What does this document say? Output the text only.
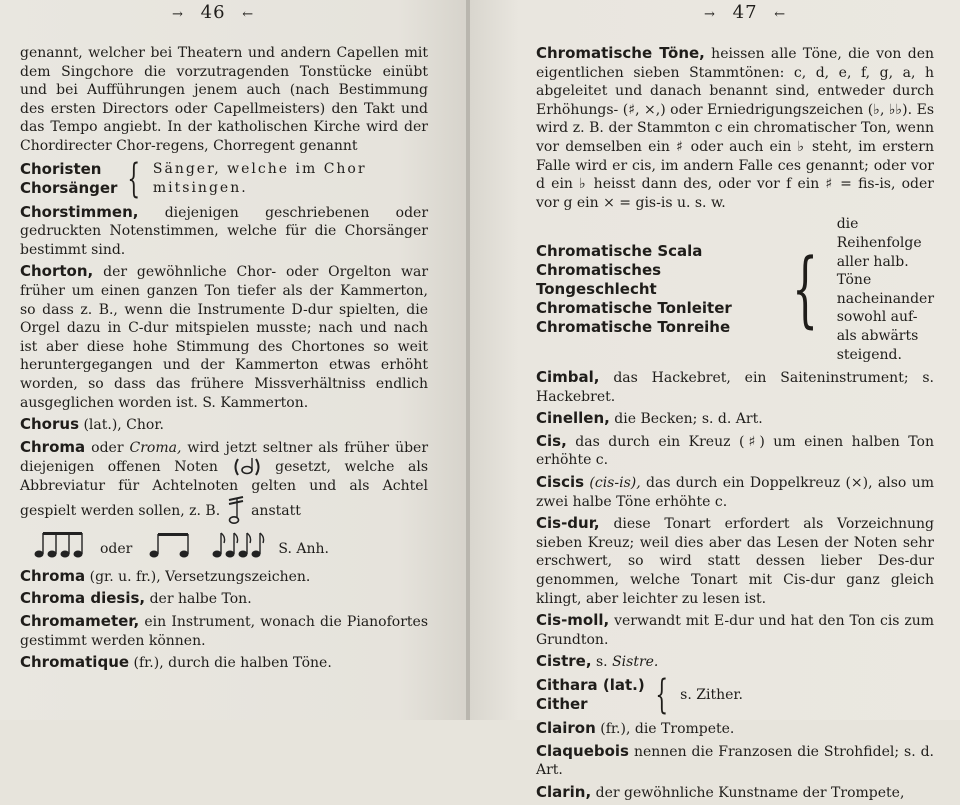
→ 46 ←

genannt, welcher bei Theatern und andern Capellen mit dem Singchore die vorzutragenden Tonstücke einübt und bei Aufführungen jenem auch (nach Bestimmung des ersten Directors oder Capellmeisters) den Takt und das Tempo angiebt. In der katholischen Kirche wird der Chordirecter Chor-regens, Chorregent genannt

Choristen
Chorsänger { Sänger, welche im Chor mitsingen.

Chorstimmen, diejenigen geschriebenen oder gedruckten Notenstimmen, welche für die Chorsänger bestimmt sind.

Chorton, der gewöhnliche Chor- oder Orgelton war früher um einen ganzen Ton tiefer als der Kammerton, so dass z. B., wenn die Instrumente D-dur spielten, die Orgel dazu in C-dur mitspielen musste; nach und nach ist aber diese hohe Stimmung des Chortones so weit heruntergegangen und der Kammerton etwas erhöht worden, so dass das frühere Missverhältniss endlich ausgeglichen worden ist. S. Kammerton.

Chorus (lat.), Chor.

Chroma oder Croma, wird jetzt seltner als früher über diejenigen offenen Noten	gesetzt, welche als Abbreviatur für Achtelnoten gelten und als Achtel gespielt werden sollen, z. B. anstatt

oder	S. Anh.

Chroma (gr. u. fr.), Versetzungszeichen.

Chroma diesis, der halbe Ton.

Chromameter, ein Instrument, wonach die Pianofortes gestimmt werden können.

Chromatique (fr.), durch die halben Töne.

→ 47 ←

Chromatische Töne, heissen alle Töne, die von den eigentlichen sieben Stammtönen: c, d, e, f, g, a, h abgeleitet und danach benannt sind, entweder durch Erhöhungs- (♯, ×,) oder Erniedrigungszeichen (♭, ♭♭). Es wird z. B. der Stammton c ein chromatischer Ton, wenn vor demselben ein ♯ oder auch ein ♭ steht, im erstern Falle wird er cis, im andern Falle ces genannt; oder vor d ein ♭ heisst dann des, oder vor f ein ♯ = fis-is, oder vor g ein × = gis-is u. s. w.

Chromatische Scala
Chromatisches Tongeschlecht
Chromatische Tonleiter
Chromatische Tonreihe {
die Reihenfolge aller halb. Töne nacheinander sowohl auf- als abwärts steigend.

Cimbal, das Hackebret, ein Saiteninstrument; s. Hackebret.

Cinellen, die Becken; s. d. Art.

Cis, das durch ein Kreuz (♯) um einen halben Ton erhöhte c.

Ciscis (cis-is), das durch ein Doppelkreuz (×), also um zwei halbe Töne erhöhte c.

Cis-dur, diese Tonart erfordert als Vorzeichnung sieben Kreuz; weil dies aber das Lesen der Noten sehr erschwert, so wird statt dessen lieber Des-dur genommen, welche Tonart mit Cis-dur ganz gleich klingt, aber leichter zu lesen ist.

Cis-moll, verwandt mit E-dur und hat den Ton cis zum Grundton.

Cistre, s. Sistre.

Cithara (lat.)
Cither	{ s. Zither.

Clairon (fr.), die Trompete.

Claquebois nennen die Franzosen die Strohfidel; s. d. Art.

Clarin, der gewöhnliche Kunstname der Trompete,
